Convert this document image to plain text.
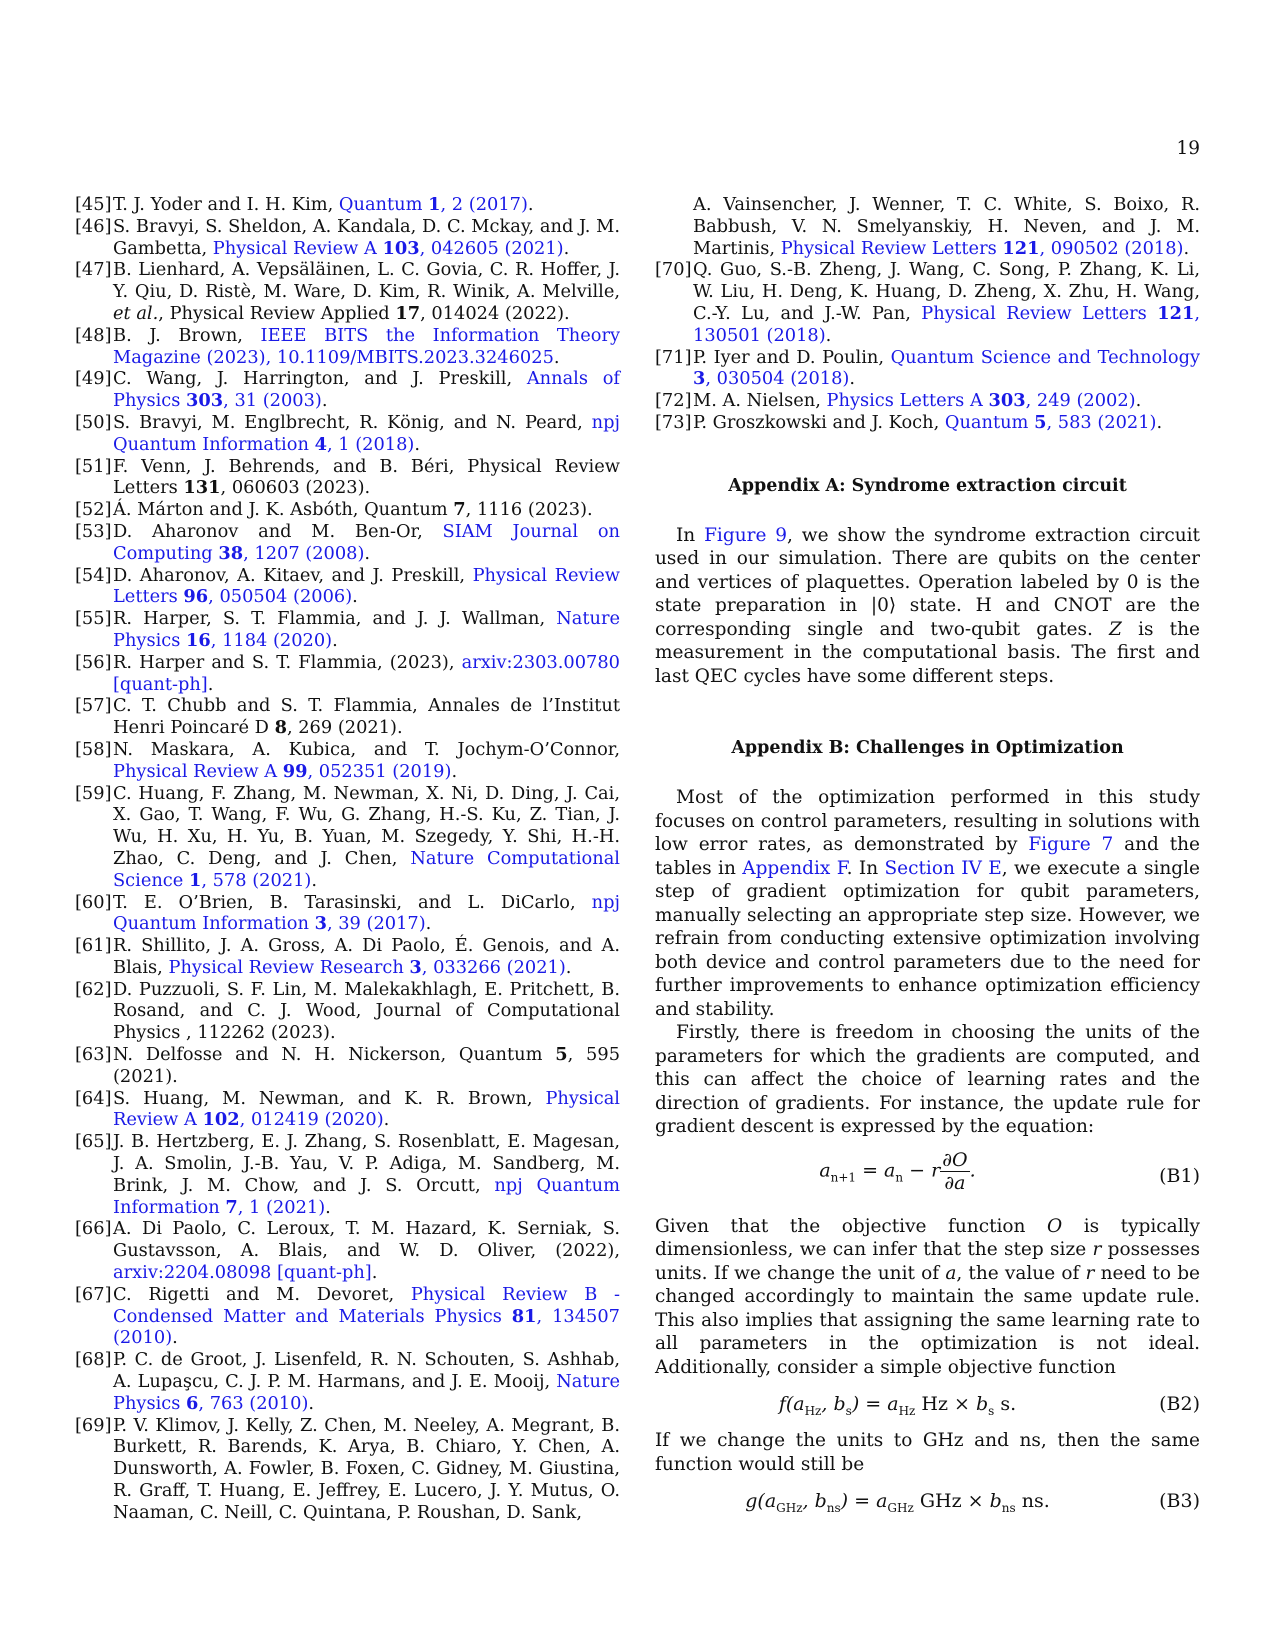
19
[45] T. J. Yoder and I. H. Kim, Quantum 1, 2 (2017).
[46] S. Bravyi, S. Sheldon, A. Kandala, D. C. Mckay, and J. M. Gambetta, Physical Review A 103, 042605 (2021).
[47] B. Lienhard, A. Vepsäläinen, L. C. Govia, C. R. Hoffer, J. Y. Qiu, D. Ristè, M. Ware, D. Kim, R. Winik, A. Melville, et al., Physical Review Applied 17, 014024 (2022).
[48] B. J. Brown, IEEE BITS the Information Theory Magazine (2023), 10.1109/MBITS.2023.3246025.
[49] C. Wang, J. Harrington, and J. Preskill, Annals of Physics 303, 31 (2003).
[50] S. Bravyi, M. Englbrecht, R. König, and N. Peard, npj Quantum Information 4, 1 (2018).
[51] F. Venn, J. Behrends, and B. Béri, Physical Review Letters 131, 060603 (2023).
[52] Á. Márton and J. K. Asbóth, Quantum 7, 1116 (2023).
[53] D. Aharonov and M. Ben-Or, SIAM Journal on Computing 38, 1207 (2008).
[54] D. Aharonov, A. Kitaev, and J. Preskill, Physical Review Letters 96, 050504 (2006).
[55] R. Harper, S. T. Flammia, and J. J. Wallman, Nature Physics 16, 1184 (2020).
[56] R. Harper and S. T. Flammia, (2023), arxiv:2303.00780 [quant-ph].
[57] C. T. Chubb and S. T. Flammia, Annales de l’Institut Henri Poincaré D 8, 269 (2021).
[58] N. Maskara, A. Kubica, and T. Jochym-O’Connor, Physical Review A 99, 052351 (2019).
[59] C. Huang, F. Zhang, M. Newman, X. Ni, D. Ding, J. Cai, X. Gao, T. Wang, F. Wu, G. Zhang, H.-S. Ku, Z. Tian, J. Wu, H. Xu, H. Yu, B. Yuan, M. Szegedy, Y. Shi, H.-H. Zhao, C. Deng, and J. Chen, Nature Computational Science 1, 578 (2021).
[60] T. E. O’Brien, B. Tarasinski, and L. DiCarlo, npj Quantum Information 3, 39 (2017).
[61] R. Shillito, J. A. Gross, A. Di Paolo, É. Genois, and A. Blais, Physical Review Research 3, 033266 (2021).
[62] D. Puzzuoli, S. F. Lin, M. Malekakhlagh, E. Pritchett, B. Rosand, and C. J. Wood, Journal of Computational Physics , 112262 (2023).
[63] N. Delfosse and N. H. Nickerson, Quantum 5, 595 (2021).
[64] S. Huang, M. Newman, and K. R. Brown, Physical Review A 102, 012419 (2020).
[65] J. B. Hertzberg, E. J. Zhang, S. Rosenblatt, E. Magesan, J. A. Smolin, J.-B. Yau, V. P. Adiga, M. Sandberg, M. Brink, J. M. Chow, and J. S. Orcutt, npj Quantum Information 7, 1 (2021).
[66] A. Di Paolo, C. Leroux, T. M. Hazard, K. Serniak, S. Gustavsson, A. Blais, and W. D. Oliver, (2022), arxiv:2204.08098 [quant-ph].
[67] C. Rigetti and M. Devoret, Physical Review B - Condensed Matter and Materials Physics 81, 134507 (2010).
[68] P. C. de Groot, J. Lisenfeld, R. N. Schouten, S. Ashhab, A. Lupaşcu, C. J. P. M. Harmans, and J. E. Mooij, Nature Physics 6, 763 (2010).
[69] P. V. Klimov, J. Kelly, Z. Chen, M. Neeley, A. Megrant, B. Burkett, R. Barends, K. Arya, B. Chiaro, Y. Chen, A. Dunsworth, A. Fowler, B. Foxen, C. Gidney, M. Giustina, R. Graff, T. Huang, E. Jeffrey, E. Lucero, J. Y. Mutus, O. Naaman, C. Neill, C. Quintana, P. Roushan, D. Sank,
A. Vainsencher, J. Wenner, T. C. White, S. Boixo, R. Babbush, V. N. Smelyanskiy, H. Neven, and J. M. Martinis, Physical Review Letters 121, 090502 (2018).
[70] Q. Guo, S.-B. Zheng, J. Wang, C. Song, P. Zhang, K. Li, W. Liu, H. Deng, K. Huang, D. Zheng, X. Zhu, H. Wang, C.-Y. Lu, and J.-W. Pan, Physical Review Letters 121, 130501 (2018).
[71] P. Iyer and D. Poulin, Quantum Science and Technology 3, 030504 (2018).
[72] M. A. Nielsen, Physics Letters A 303, 249 (2002).
[73] P. Groszkowski and J. Koch, Quantum 5, 583 (2021).
Appendix A: Syndrome extraction circuit

In Figure 9, we show the syndrome extraction circuit used in our simulation. There are qubits on the center and vertices of plaquettes. Operation labeled by 0 is the state preparation in |0⟩ state. H and CNOT are the corresponding single and two-qubit gates. Z is the measurement in the computational basis. The first and last QEC cycles have some different steps.

Appendix B: Challenges in Optimization

Most of the optimization performed in this study focuses on control parameters, resulting in solutions with low error rates, as demonstrated by Figure 7 and the tables in Appendix F. In Section IV E, we execute a single step of gradient optimization for qubit parameters, manually selecting an appropriate step size. However, we refrain from conducting extensive optimization involving both device and control parameters due to the need for further improvements to enhance optimization efficiency and stability.

Firstly, there is freedom in choosing the units of the parameters for which the gradients are computed, and this can affect the choice of learning rates and the direction of gradients. For instance, the update rule for gradient descent is expressed by the equation:

$a_{n+1} = a_n - r \frac{\partial O}{\partial a}$ .	(B1)

Given that the objective function O is typically dimensionless, we can infer that the step size r possesses units. If we change the unit of a, the value of r need to be changed accordingly to maintain the same update rule. This also implies that assigning the same learning rate to all parameters in the optimization is not ideal. Additionally, consider a simple objective function

$f(a_{Hz}$, $b_s) = a_{Hz}$ $Hz \times b_s$ s.	(B2)

If we change the units to GHz and ns, then the same function would still be

$g(a_{GHz}$, $b_{ns}) = a_{GHz}$ GHz × $b_{ns}$ ns.	(B3)
